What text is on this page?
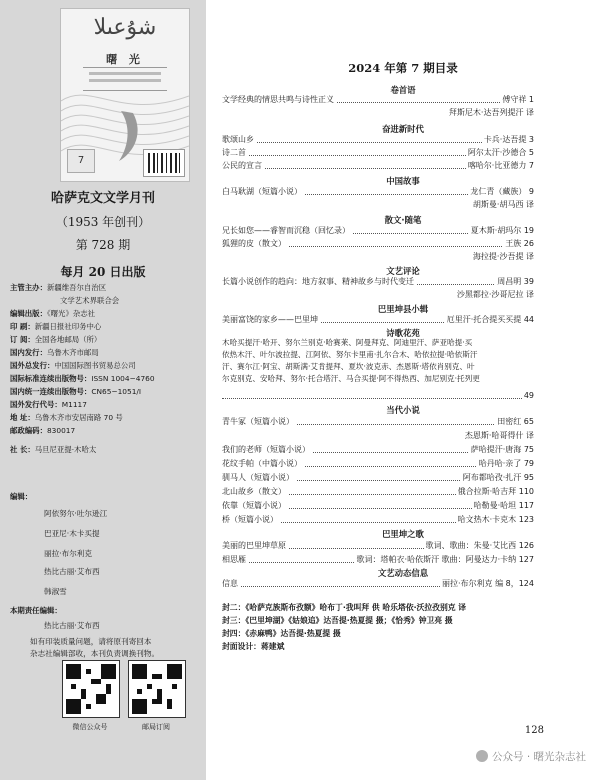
شۇعىلا
曙 光
7
哈萨克文文学月刊
（1953 年创刊）
第 728 期
每月 20 日出版
主管主办：新疆维吾尔自治区
文学艺术界联合会
编辑出版：《曙光》杂志社
印 刷：新疆日报社印务中心
订 阅：全国各地邮局（所）
国内发行：乌鲁木齐市邮局
国外总发行：中国国际图书贸易总公司
国际标准连续出版物号：ISSN 1004−4760
国内统一连续出版物号：CN65−1051/I
国外发行代号：M1117
地 址：乌鲁木齐市安居南路 70 号
邮政编码：830017
社 长：马旦尼亚提·木哈太
编辑：
阿依努尔·吐尔逊江
巴亚尼·木卡买提
丽拉·布尔利克
热比古丽·艾布西
韩淑雪
本期责任编辑：
热比古丽·艾布西
如有印装质量问题，请将原刊寄回本
杂志社编辑部收，本刊负责调换刊物。
微信公众号	邮局订阅
2024 年第 7 期目录
卷首语
文学经典的情思共鸣与诗性正义	傅守祥 1
拜斯尼木·达吾列提汗 译
奋进新时代
歌颂山乡	卡兵·达吾提 3
诗二首	阿尔太汗·沙德合 5
公民的宣言	喀哈尔·比亚德力 7
中国故事
白马耿湖（短篇小说）	龙仁青（藏族） 9
胡斯曼·胡马西 译
散文·随笔
兄长如您——睿智而沉稳（回忆录）	夏木斯·胡玛尔 19
狐狸的皮（散文）	王族 26
海拉提·沙吾提 译
文艺评论
长篇小说创作的趋向：地方叙事、精神故乡与时代变迁	周昌明 39
沙黑都拉·沙哥尼拉 译
巴里坤县小辑
美丽富饶的家乡——巴里坤	厄里汗·托合提买买提 44
诗歌花苑
木哈买提汗·哈开、努尔兰别克·哈赛莱、阿曼拜克、阿迪里汗、萨亚哈提·买
依热木汗、叶尔波拉提、江阿依、努尔卡里甫·扎尔合木、哈依拉提·哈依斯汗
汗、赛尔江·阿宝、胡斯满·艾肯提拜、夏坎·波克赤、杰恩斯·塔依肖别克、叶
尔克别克、安哈拜、努尔·托合塔汗、马合买提·阿不得热西、加尼别克·托列更
49
当代小说
青牛冢（短篇小说）	田密红 65
杰恩斯·哈哥得什 译
我们的老师（短篇小说）	萨哈提汗·唐海 75
花纹手帕（中篇小说）	哈丹哈·亲了 79
驯马人（短篇小说）	阿布都哈孜·扎汗 95
北山故乡（散文）	俄合拉斯·哈吉拜 110
依靠（短篇小说）	哈勒曼·哈坦 117
桥（短篇小说）	哈文热木·卡克木 123
巴里坤之歌
美丽的巴里坤草原	歌词、歌曲：朱曼·艾比西 126
相思雁	歌词：塔帕衣·哈依斯汗 歌曲：阿曼达力·卡纳 127
文艺动态信息
信息	丽拉·布尔利克 编 8，124
封二：《哈萨克族斯布孜额》哈布丁·我叫拜 供 哈乐塔依·沃拉孜别克 译
封三：《巴里坤湖》《姑娘追》达吾提·热夏提 摄；《恰秀》钟卫亮 摄
封四：《赤麻鸭》达吾提·热夏提 摄
封面设计：蒋建斌
128
公众号 · 曙光杂志社
